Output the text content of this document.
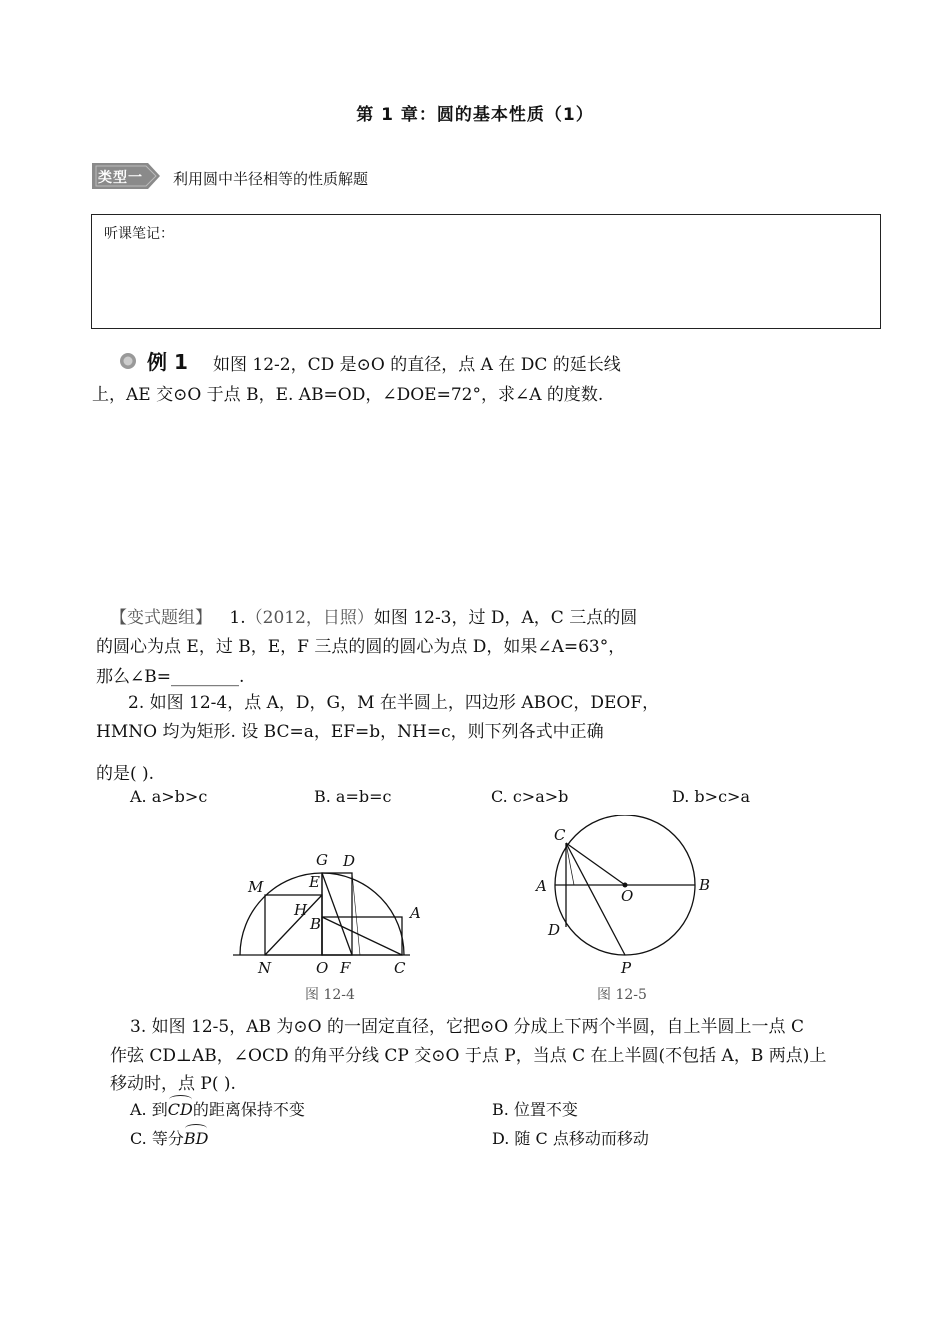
第 1 章：圆的基本性质（1）
类型一 利用圆中半径相等的性质解题
听课笔记：
例 1 如图 12-2，CD 是⊙O 的直径，点 A 在 DC 的延长线
上，AE 交⊙O 于点 B，E. AB=OD，∠DOE=72°，求∠A 的度数.
【变式题组】 1.（2012，日照）如图 12-3，过 D，A，C 三点的圆
的圆心为点 E，过 B，E，F 三点的圆的圆心为点 D，如果∠A=63°，
那么∠B=________.
2. 如图 12-4，点 A，D，G，M 在半圆上，四边形 ABOC，DEOF，
HMNO 均为矩形. 设 BC=a，EF=b，NH=c，则下列各式中正确
的是( ).
A. a>b>c	B. a=b=c	C. c>a>b	D. b>c>a
G D
M	E
H
B
A
N	O F	C
图 12-4
C
A
O
B
D
P
图 12-5
3. 如图 12-5，AB 为⊙O 的一固定直径，它把⊙O 分成上下两个半圆，自上半圆上一点 C
作弦 CD⊥AB，∠OCD 的角平分线 CP 交⊙O 于点 P，当点 C 在上半圆(不包括 A，B 两点)上
移动时，点 P( ).
A. 到CD的距离保持不变	B. 位置不变
C. 等分BD	D. 随 C 点移动而移动
